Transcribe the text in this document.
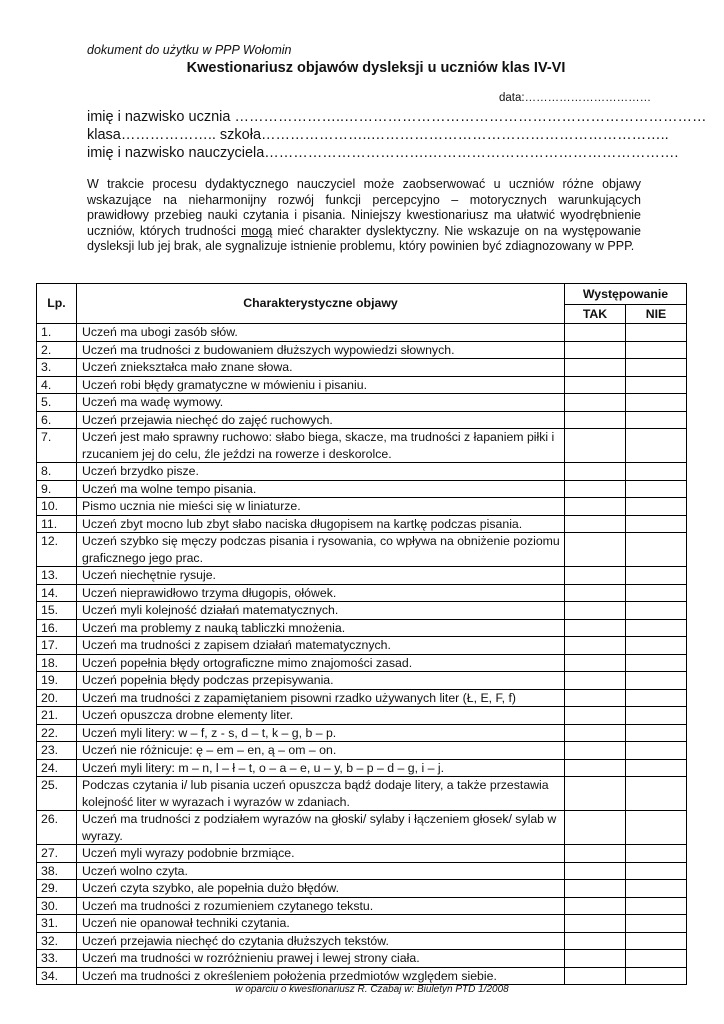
dokument do użytku w PPP Wołomin
Kwestionariusz objawów dysleksji u uczniów klas IV-VI
data:……………………………
imię i nazwisko ucznia …………………..…………………………………………………………………
klasa……………….. szkoła…………………..……………………………………………………..
imię i nazwisko nauczyciela…………………………….…………………………………………….
W trakcie procesu dydaktycznego nauczyciel może zaobserwować u uczniów różne objawy wskazujące na nieharmonijny rozwój funkcji percepcyjno – motorycznych warunkujących prawidłowy przebieg nauki czytania i pisania. Niniejszy kwestionariusz ma ułatwić wyodrębnienie uczniów, których trudności mogą mieć charakter dyslektyczny. Nie wskazuje on na występowanie dysleksji lub jej brak, ale sygnalizuje istnienie problemu, który powinien być zdiagnozowany w PPP.
Lp.	Charakterystyczne objawy	Występowanie	
		TAK	NIE
1.	Uczeń ma ubogi zasób słów.		
2.	Uczeń ma trudności z budowaniem dłuższych wypowiedzi słownych.		
3.	Uczeń zniekształca mało znane słowa.		
4.	Uczeń robi błędy gramatyczne w mówieniu i pisaniu.		
5.	Uczeń ma wadę wymowy.		
6.	Uczeń przejawia niechęć do zajęć ruchowych.		
7.	Uczeń jest mało sprawny ruchowo: słabo biega, skacze, ma trudności z łapaniem piłki i rzucaniem jej do celu, źle jeździ na rowerze i deskorolce.		
8.	Uczeń brzydko pisze.		
9.	Uczeń ma wolne tempo pisania.		
10.	Pismo ucznia nie mieści się w liniaturze.		
11.	Uczeń zbyt mocno lub zbyt słabo naciska długopisem na kartkę podczas pisania.		
12.	Uczeń szybko się męczy podczas pisania i rysowania, co wpływa na obniżenie poziomu graficznego jego prac.		
13.	Uczeń niechętnie rysuje.		
14.	Uczeń nieprawidłowo trzyma długopis, ołówek.		
15.	Uczeń myli kolejność działań matematycznych.		
16.	Uczeń ma problemy z nauką tabliczki mnożenia.		
17.	Uczeń ma trudności z zapisem działań matematycznych.		
18.	Uczeń popełnia błędy ortograficzne mimo znajomości zasad.		
19.	Uczeń popełnia błędy podczas przepisywania.		
20.	Uczeń ma trudności z zapamiętaniem pisowni rzadko używanych liter (Ł, E, F, f)		
21.	Uczeń opuszcza drobne elementy liter.		
22.	Uczeń myli litery: w – f, z - s, d – t, k – g, b – p.		
23.	Uczeń nie różnicuje: ę – em – en, ą – om – on.		
24.	Uczeń myli litery: m – n, l – ł – t, o – a – e, u – y, b – p – d – g, i – j.		
25.	Podczas czytania i/ lub pisania uczeń opuszcza bądź dodaje litery, a także przestawia kolejność liter w wyrazach i wyrazów w zdaniach.		
26.	Uczeń ma trudności z podziałem wyrazów na głoski/ sylaby i łączeniem głosek/ sylab w wyrazy.		
27.	Uczeń myli wyrazy podobnie brzmiące.		
38.	Uczeń wolno czyta.		
29.	Uczeń czyta szybko, ale popełnia dużo błędów.		
30.	Uczeń ma trudności z rozumieniem czytanego tekstu.		
31.	Uczeń nie opanował techniki czytania.		
32.	Uczeń przejawia niechęć do czytania dłuższych tekstów.		
33.	Uczeń ma trudności w rozróżnieniu prawej i lewej strony ciała.		
34.	Uczeń ma trudności z określeniem położenia przedmiotów względem siebie.		
w oparciu o kwestionariusz R. Czabaj w: Biuletyn PTD 1/2008
